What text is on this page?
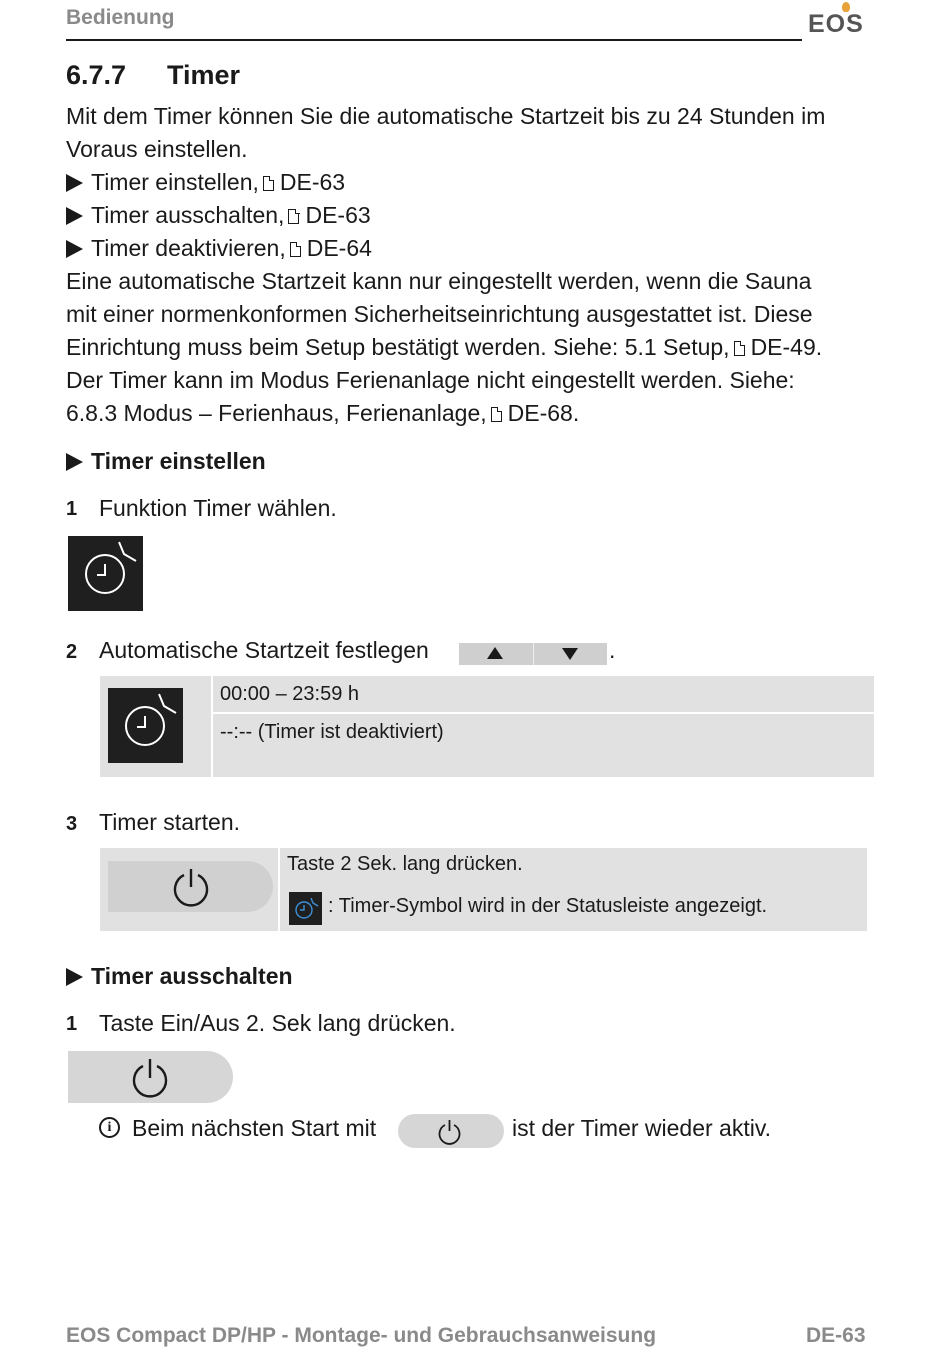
Bedienung	EOS
6.7.7 Timer
Mit dem Timer können Sie die automatische Startzeit bis zu 24 Stunden im
Voraus einstellen.
Timer einstellen, DE-63
Timer ausschalten, DE-63
Timer deaktivieren, DE-64
Eine automatische Startzeit kann nur eingestellt werden, wenn die Sauna
mit einer normenkonformen Sicherheitseinrichtung ausgestattet ist. Diese
Einrichtung muss beim Setup bestätigt werden. Siehe: 5.1 Setup, DE-49.
Der Timer kann im Modus Ferienanlage nicht eingestellt werden. Siehe:
6.8.3 Modus – Ferienhaus, Ferienanlage, DE-68.
Timer einstellen
1 Funktion Timer wählen.
2 Automatische Startzeit festlegen	.
00:00 – 23:59 h
--:-- (Timer ist deaktiviert)
3 Timer starten.
Taste 2 Sek. lang drücken.
: Timer-Symbol wird in der Statusleiste angezeigt.
Timer ausschalten
1 Taste Ein/Aus 2. Sek lang drücken.
i Beim nächsten Start mit	ist der Timer wieder aktiv.
EOS Compact DP/HP - Montage- und Gebrauchsanweisung	DE-63
